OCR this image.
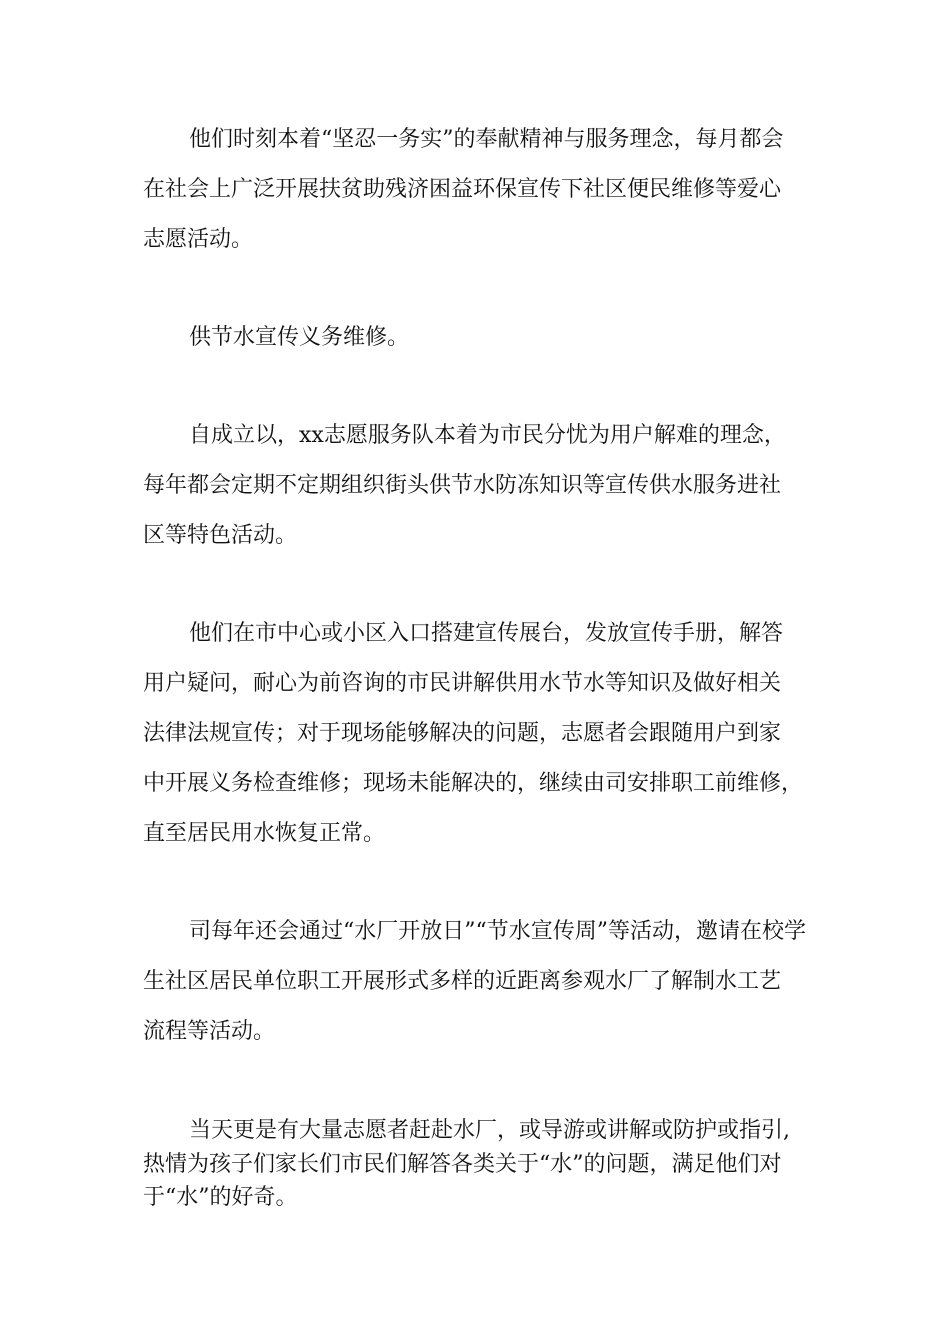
他们时刻本着“坚忍一务实”的奉献精神与服务理念，每月都会

在社会上广泛开展扶贫助残济困益环保宣传下社区便民维修等爱心

志愿活动。

供节水宣传义务维修。

自成立以，xx志愿服务队本着为市民分忧为用户解难的理念，

每年都会定期不定期组织街头供节水防冻知识等宣传供水服务进社

区等特色活动。

他们在市中心或小区入口搭建宣传展台，发放宣传手册，解答

用户疑问，耐心为前咨询的市民讲解供用水节水等知识及做好相关

法律法规宣传；对于现场能够解决的问题，志愿者会跟随用户到家

中开展义务检查维修；现场未能解决的，继续由司安排职工前维修，

直至居民用水恢复正常。

司每年还会通过“水厂开放日”“节水宣传周”等活动，邀请在校学

生社区居民单位职工开展形式多样的近距离参观水厂了解制水工艺

流程等活动。

当天更是有大量志愿者赶赴水厂，或导游或讲解或防护或指引,

热情为孩子们家长们市民们解答各类关于“水”的问题，满足他们对

于“水”的好奇。
